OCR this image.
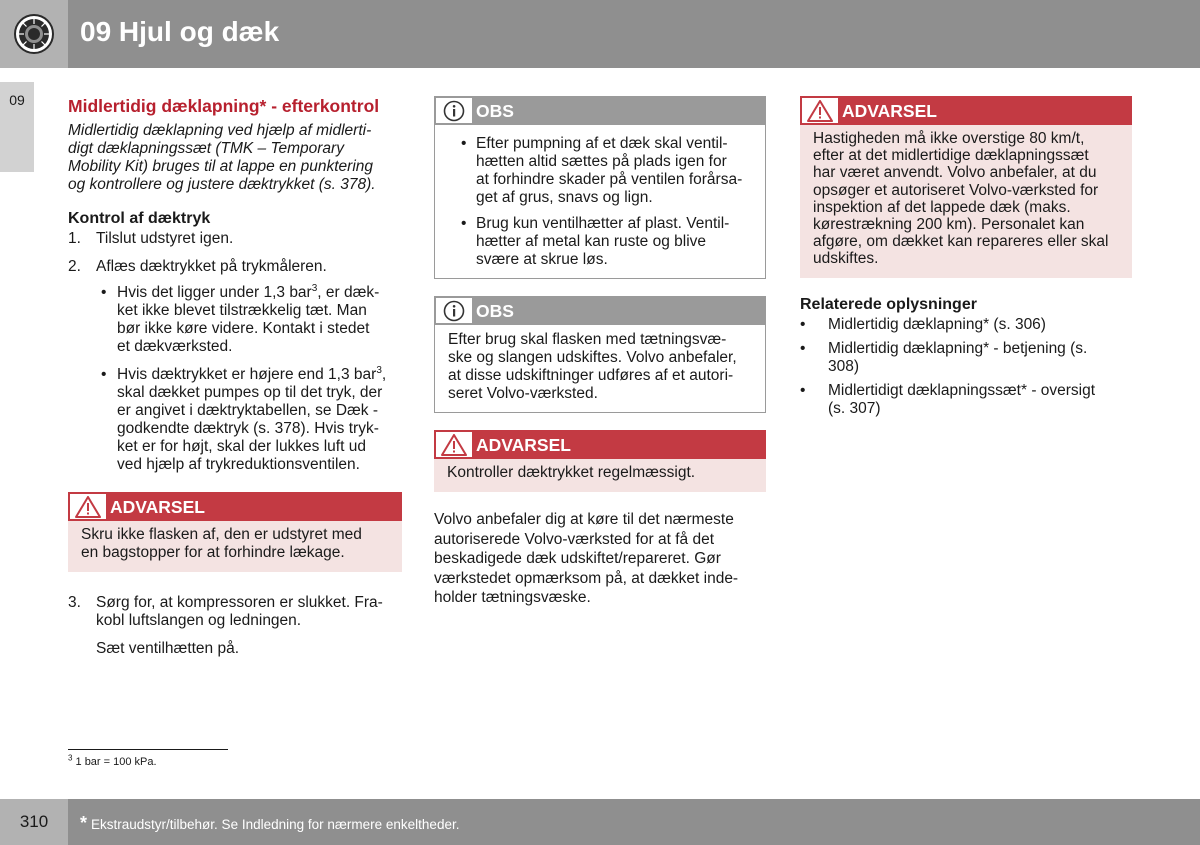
09 Hjul og dæk
09	Midlertidig dæklapning* - efterkontrol
Midlertidig dæklapning ved hjælp af midlerti-
digt dæklapningssæt (TMK – Temporary
Mobility Kit) bruges til at lappe en punktering
og kontrollere og justere dæktrykket (s. 378).
Kontrol af dæktryk
1. Tilslut udstyret igen.
2. Aflæs dæktrykket på trykmåleren.
• Hvis det ligger under 1,3 bar$^3$, er dæk-
ket ikke blevet tilstrækkelig tæt. Man
bør ikke køre videre. Kontakt i stedet
et dækværksted.
• Hvis dæktrykket er højere end 1,3 bar$^3$,
skal dækket pumpes op til det tryk, der
er angivet i dæktryktabellen, se Dæk -
godkendte dæktryk (s. 378). Hvis tryk-
ket er for højt, skal der lukkes luft ud
ved hjælp af trykreduktionsventilen.
ADVARSEL
Skru ikke flasken af, den er udstyret med
en bagstopper for at forhindre lækage.
3. Sørg for, at kompressoren er slukket. Fra-
kobl luftslangen og ledningen.
Sæt ventilhætten på.
OBS
• Efter pumpning af et dæk skal ventil-
hætten altid sættes på plads igen for
at forhindre skader på ventilen forårsa-
get af grus, snavs og lign.
• Brug kun ventilhætter af plast. Ventil-
hætter af metal kan ruste og blive
svære at skrue løs.
OBS
Efter brug skal flasken med tætningsvæ-
ske og slangen udskiftes. Volvo anbefaler,
at disse udskiftninger udføres af et autori-
seret Volvo-værksted.
ADVARSEL
Kontroller dæktrykket regelmæssigt.
Volvo anbefaler dig at køre til det nærmeste
autoriserede Volvo-værksted for at få det
beskadigede dæk udskiftet/repareret. Gør
værkstedet opmærksom på, at dækket inde-
holder tætningsvæske.
ADVARSEL
Hastigheden må ikke overstige 80 km/t,
efter at det midlertidige dæklapningssæt
har været anvendt. Volvo anbefaler, at du
opsøger et autoriseret Volvo-værksted for
inspektion af det lappede dæk (maks.
kørestrækning 200 km). Personalet kan
afgøre, om dækket kan repareres eller skal
udskiftes.
Relaterede oplysninger
• Midlertidig dæklapning* (s. 306)
• Midlertidig dæklapning* - betjening (s.
308)
• Midlertidigt dæklapningssæt* - oversigt
(s. 307)
$^3$ 1 bar = 100 kPa.
310	* Ekstraudstyr/tilbehør. Se Indledning for nærmere enkeltheder.
